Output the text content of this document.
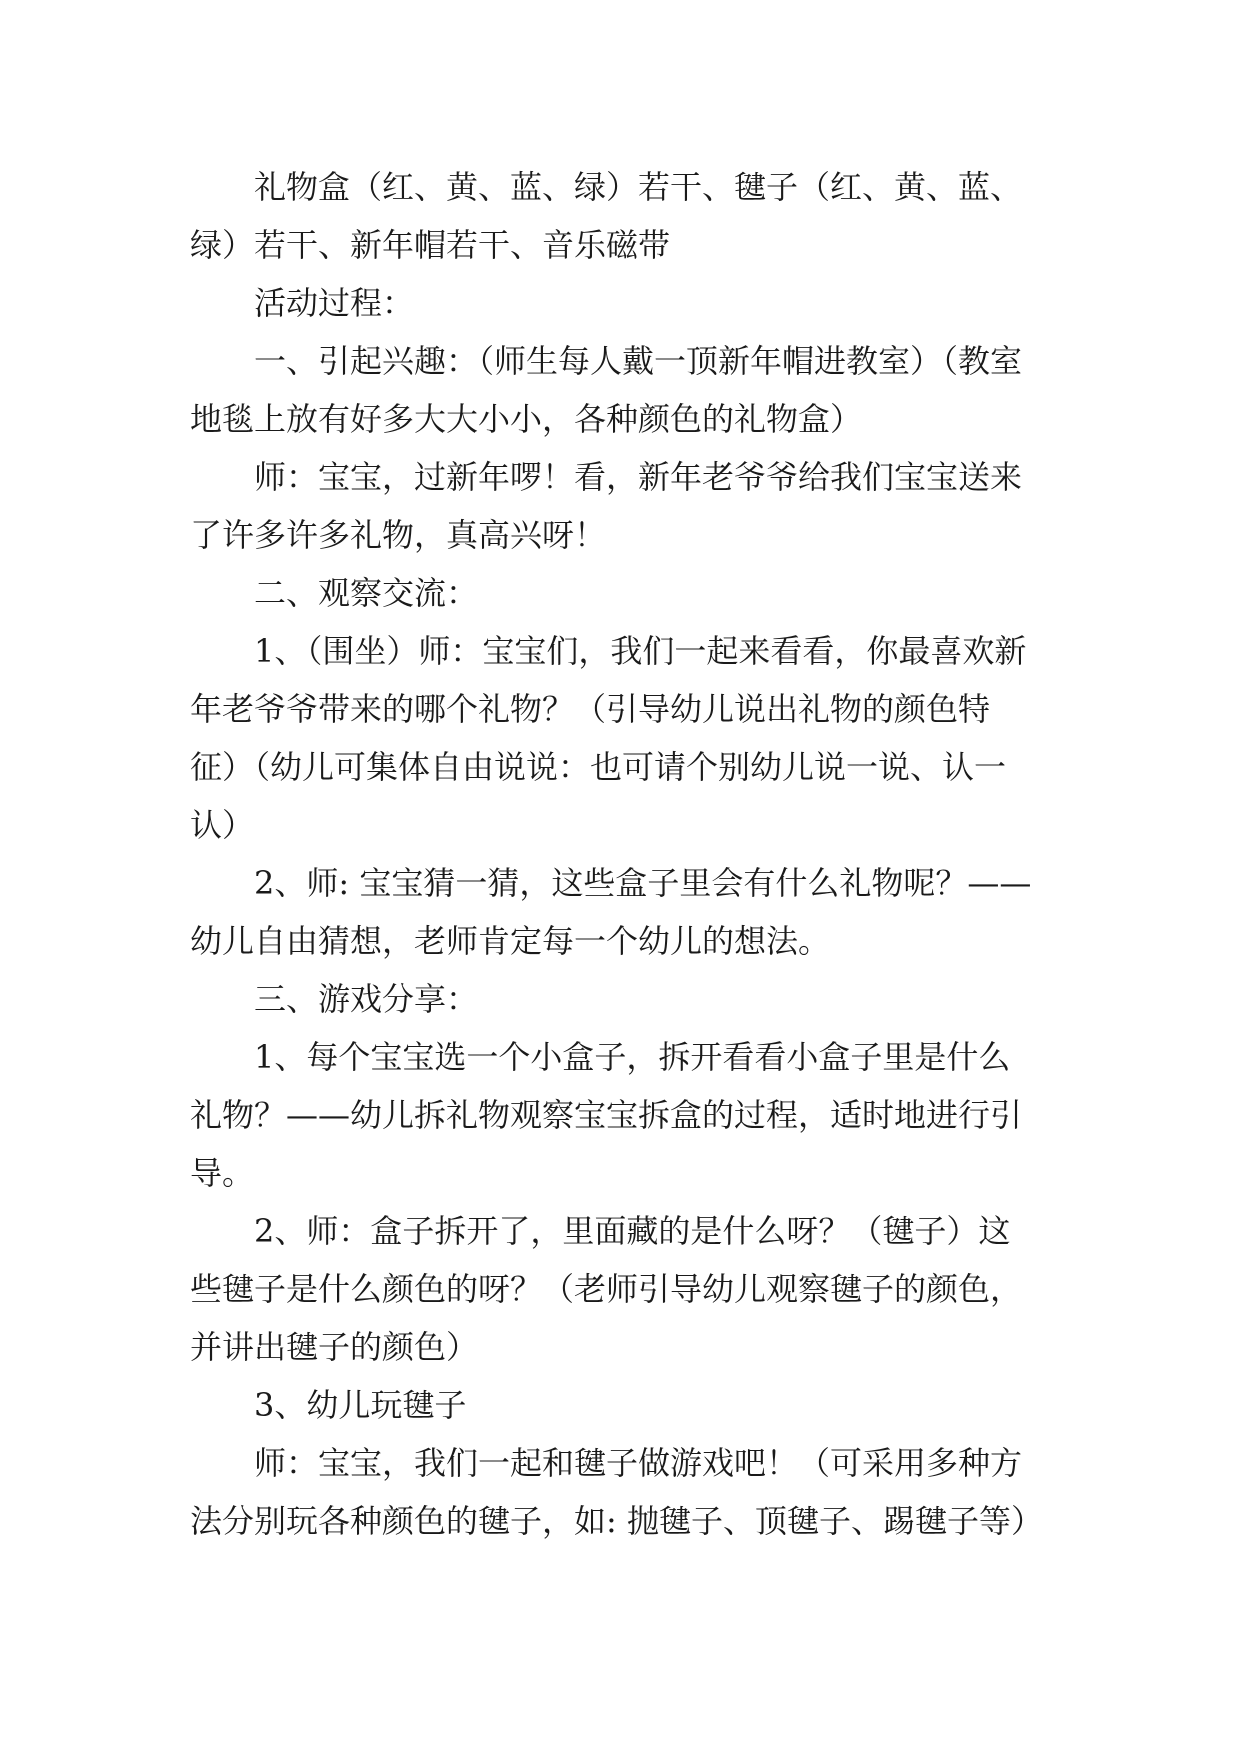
礼物盒（红、黄、蓝、绿）若干、毽子（红、黄、蓝、
绿）若干、新年帽若干、音乐磁带
活动过程：
一、引起兴趣：（师生每人戴一顶新年帽进教室）（教室
地毯上放有好多大大小小，各种颜色的礼物盒）
师：宝宝，过新年啰！看，新年老爷爷给我们宝宝送来
了许多许多礼物，真高兴呀！
二、观察交流：
1、（围坐）师：宝宝们，我们一起来看看，你最喜欢新
年老爷爷带来的哪个礼物？（引导幼儿说出礼物的颜色特
征）（幼儿可集体自由说说：也可请个别幼儿说一说、认一
认）
2、师: 宝宝猜一猜，这些盒子里会有什么礼物呢？——
幼儿自由猜想，老师肯定每一个幼儿的想法。
三、游戏分享：
1、每个宝宝选一个小盒子，拆开看看小盒子里是什么
礼物？——幼儿拆礼物观察宝宝拆盒的过程，适时地进行引
导。
2、师：盒子拆开了，里面藏的是什么呀？（毽子）这
些毽子是什么颜色的呀？（老师引导幼儿观察毽子的颜色，
并讲出毽子的颜色）
3、幼儿玩毽子
师：宝宝，我们一起和毽子做游戏吧！（可采用多种方
法分别玩各种颜色的毽子，如: 抛毽子、顶毽子、踢毽子等）
